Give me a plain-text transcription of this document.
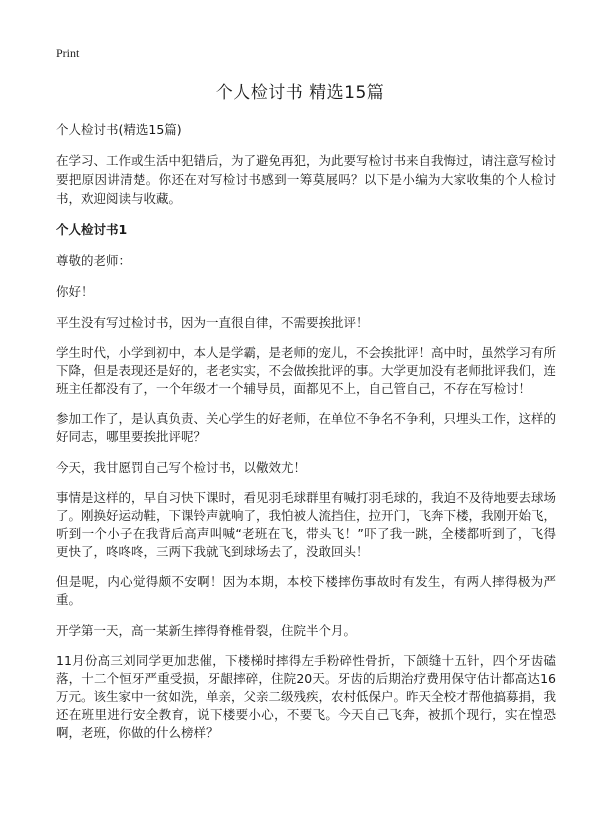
Print
个人检讨书 精选15篇

个人检讨书(精选15篇)

在学习、工作或生活中犯错后，为了避免再犯，为此要写检讨书来自我悔过，请注意写检讨要把原因讲清楚。你还在对写检讨书感到一筹莫展吗？以下是小编为大家收集的个人检讨书，欢迎阅读与收藏。

个人检讨书1

尊敬的老师：

你好！

平生没有写过检讨书，因为一直很自律，不需要挨批评！

学生时代，小学到初中，本人是学霸，是老师的宠儿，不会挨批评！高中时，虽然学习有所下降，但是表现还是好的，老老实实，不会做挨批评的事。大学更加没有老师批评我们，连班主任都没有了，一个年级才一个辅导员，面都见不上，自己管自己，不存在写检讨！

参加工作了，是认真负责、关心学生的好老师，在单位不争名不争利，只埋头工作，这样的好同志，哪里要挨批评呢？

今天，我甘愿罚自己写个检讨书，以儆效尤！

事情是这样的，早自习快下课时，看见羽毛球群里有喊打羽毛球的，我迫不及待地要去球场了。刚换好运动鞋，下课铃声就响了，我怕被人流挡住，拉开门，飞奔下楼，我刚开始飞，听到一个小子在我背后高声叫喊“老班在飞，带头飞！”吓了我一跳，全楼都听到了，飞得更快了，咚咚咚，三两下我就飞到球场去了，没敢回头！

但是呢，内心觉得颇不安啊！因为本期，本校下楼摔伤事故时有发生，有两人摔得极为严重。

开学第一天，高一某新生摔得脊椎骨裂，住院半个月。

11月份高三刘同学更加悲催，下楼梯时摔得左手粉碎性骨折，下颌缝十五针，四个牙齿磕落，十二个恒牙严重受损，牙龈摔碎，住院20天。牙齿的后期治疗费用保守估计都高达16万元。该生家中一贫如洗，单亲，父亲二级残疾，农村低保户。昨天全校才帮他搞募捐，我还在班里进行安全教育，说下楼要小心，不要飞。今天自己飞奔，被抓个现行，实在惶恐啊，老班，你做的什么榜样？
